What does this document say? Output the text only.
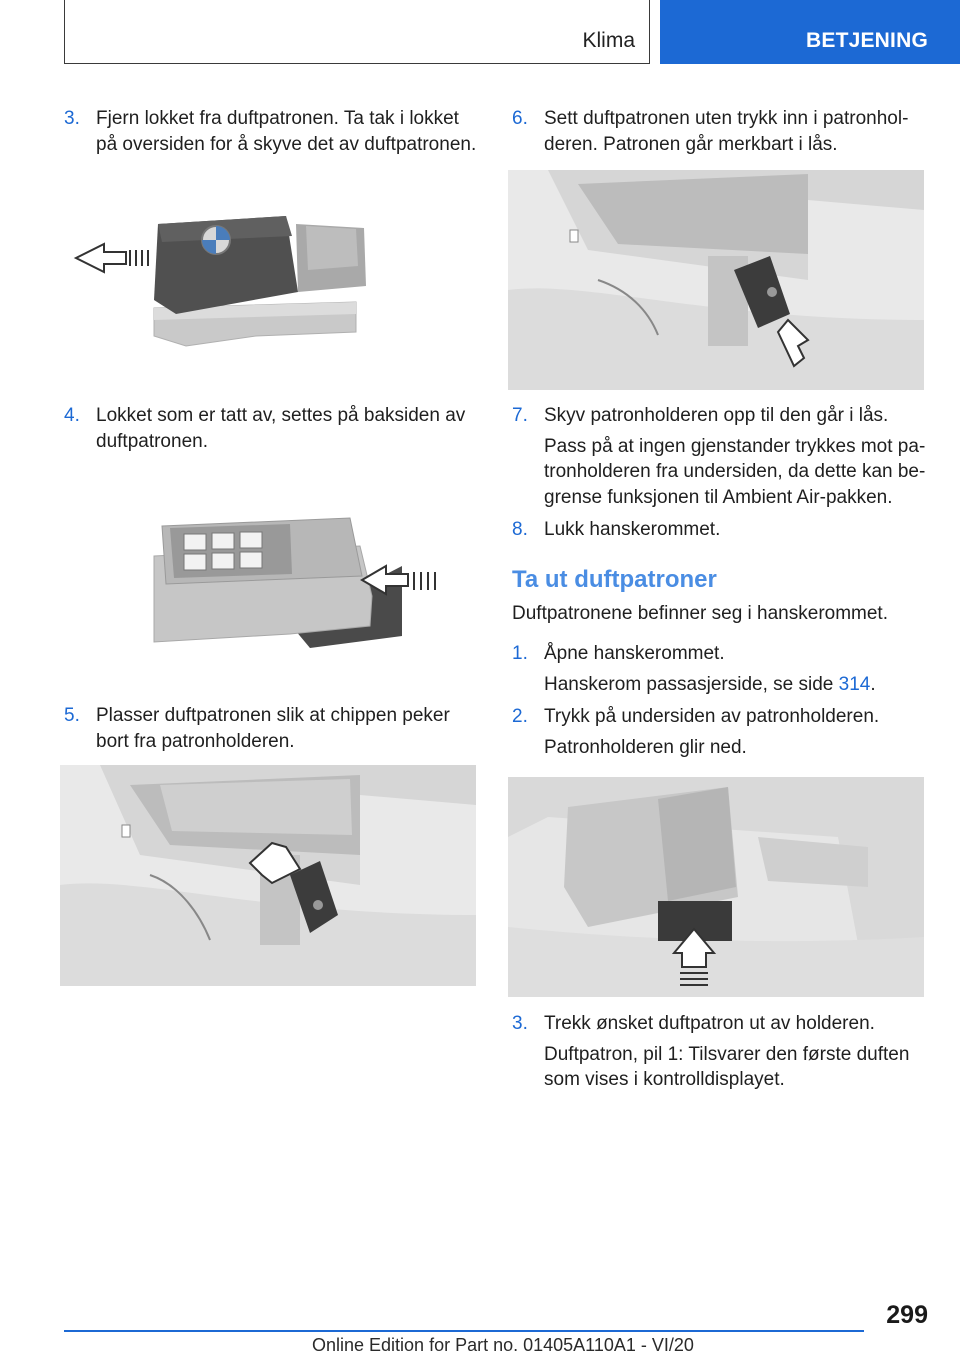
Klima	BETJENING
3. Fjern lokket fra duftpatronen. Ta tak i lokket på oversiden for å skyve det av duftpatronen.
4. Lokket som er tatt av, settes på baksiden av duftpatronen.
5. Plasser duftpatronen slik at chippen peker bort fra patronholderen.
6. Sett duftpatronen uten trykk inn i patronholderen. Patronen går merkbart i lås.
7. Skyv patronholderen opp til den går i lås.
Pass på at ingen gjenstander trykkes mot patronholderen fra undersiden, da dette kan begrense funksjonen til Ambient Air-pakken.
8. Lukk hanskerommet.
Ta ut duftpatroner
Duftpatronene befinner seg i hanskerommet.
1. Åpne hanskerommet.
Hanskerom passasjerside, se side 314.
2. Trykk på undersiden av patronholderen.
Patronholderen glir ned.
3. Trekk ønsket duftpatron ut av holderen.
Duftpatron, pil 1: Tilsvarer den første duften som vises i kontrolldisplayet.
299
Online Edition for Part no. 01405A110A1 - VI/20
